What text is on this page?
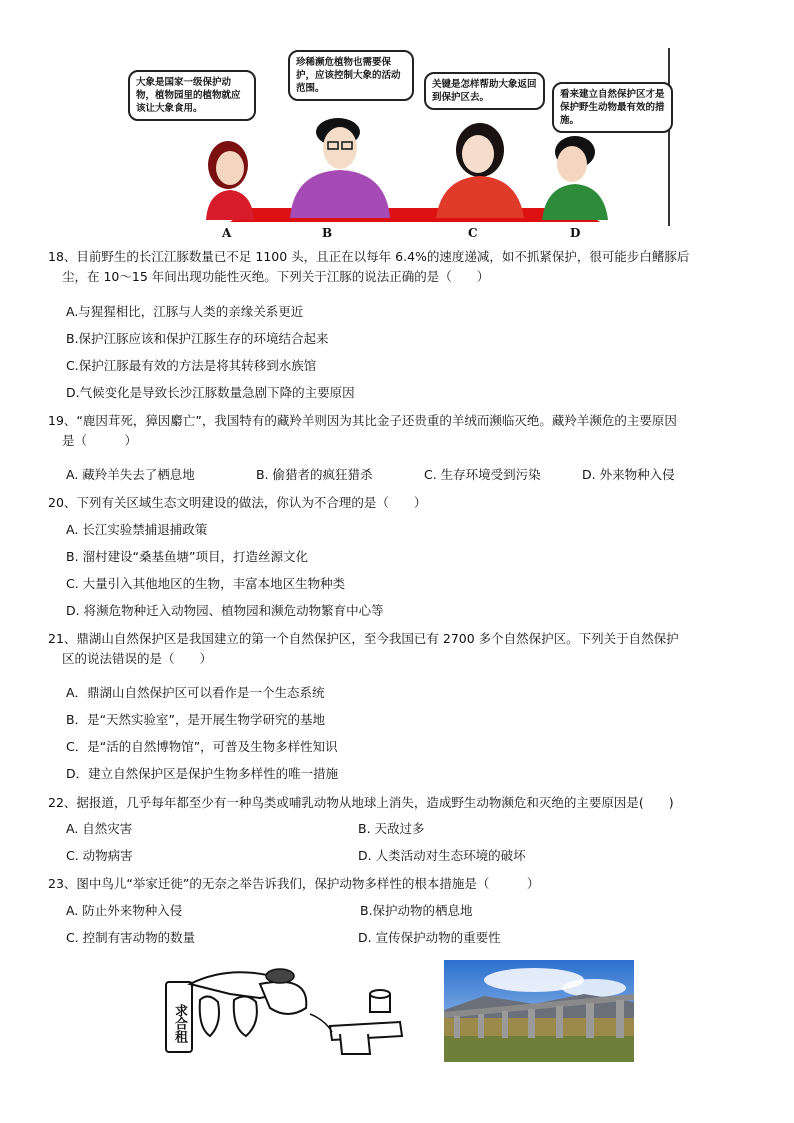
大象是国家一级保护动物，植物园里的植物就应该让大象食用。
珍稀濒危植物也需要保护，应该控制大象的活动范围。	关键是怎样帮助大象返回到保护区去。	看来建立自然保护区才是保护野生动物最有效的措施。
A	B	C	D
18、目前野生的长江江豚数量已不足 1100 头，且正在以每年 6.4%的速度递减，如不抓紧保护，很可能步白鳍豚后
尘，在 10～15 年间出现功能性灭绝。下列关于江豚的说法正确的是（　　）
A.与猩猩相比，江豚与人类的亲缘关系更近
B.保护江豚应该和保护江豚生存的环境结合起来
C.保护江豚最有效的方法是将其转移到水族馆
D.气候变化是导致长沙江豚数量急剧下降的主要原因
19、“鹿因茸死，獐因麝亡”，我国特有的藏羚羊则因为其比金子还贵重的羊绒而濒临灭绝。藏羚羊濒危的主要原因
是（　　　）
A. 藏羚羊失去了栖息地	B. 偷猎者的疯狂猎杀	C. 生存环境受到污染	D. 外来物种入侵
20、下列有关区域生态文明建设的做法，你认为不合理的是（　　）
A. 长江实验禁捕退捕政策
B. 溜村建设“桑基鱼塘”项目，打造丝源文化
C. 大量引入其他地区的生物，丰富本地区生物种类
D. 将濒危物种迁入动物园、植物园和濒危动物繁育中心等
21、鼎湖山自然保护区是我国建立的第一个自然保护区，至今我国已有 2700 多个自然保护区。下列关于自然保护
区的说法错误的是（　　）
A．鼎湖山自然保护区可以看作是一个生态系统
B．是“天然实验室”，是开展生物学研究的基地
C．是“活的自然博物馆”，可普及生物多样性知识
D．建立自然保护区是保护生物多样性的唯一措施
22、据报道，几乎每年都至少有一种鸟类或哺乳动物从地球上消失，造成野生动物濒危和灭绝的主要原因是(　　)
A. 自然灾害	B. 天敌过多
C. 动物病害	D. 人类活动对生态环境的破坏
23、图中鸟儿“举家迁徙”的无奈之举告诉我们，保护动物多样性的根本措施是（　　　）
A. 防止外来物种入侵	B.保护动物的栖息地
C. 控制有害动物的数量	D. 宣传保护动物的重要性
求合租
